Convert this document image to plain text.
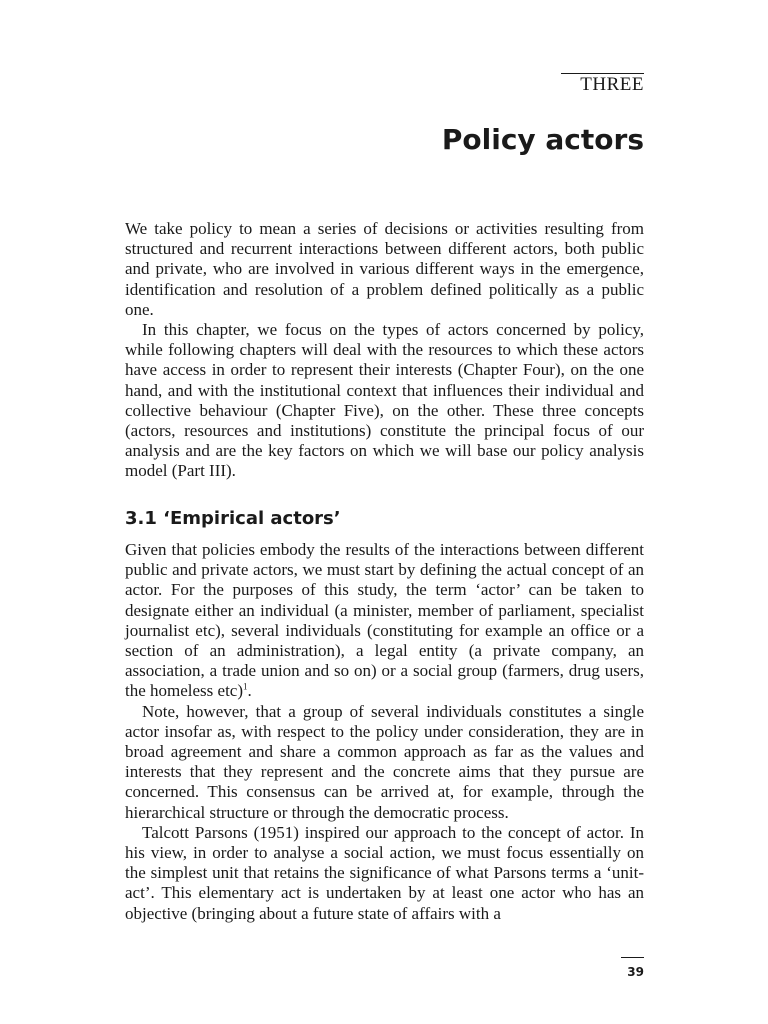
THREE
Policy actors

We take policy to mean a series of decisions or activities resulting from structured and recurrent interactions between different actors, both public and private, who are involved in various different ways in the emergence, identification and resolution of a problem defined politically as a public one.

In this chapter, we focus on the types of actors concerned by policy, while following chapters will deal with the resources to which these actors have access in order to represent their interests (Chapter Four), on the one hand, and with the institutional context that influences their individual and collective behaviour (Chapter Five), on the other. These three concepts (actors, resources and institutions) constitute the principal focus of our analysis and are the key factors on which we will base our policy analysis model (Part III).

3.1 ‘Empirical actors’

Given that policies embody the results of the interactions between different public and private actors, we must start by defining the actual concept of an actor. For the purposes of this study, the term ‘actor’ can be taken to designate either an individual (a minister, member of parliament, specialist journalist etc), several individuals (constituting for example an office or a section of an administration), a legal entity (a private company, an association, a trade union and so on) or a social group (farmers, drug users, the homeless etc)$^1$.

Note, however, that a group of several individuals constitutes a single actor insofar as, with respect to the policy under consideration, they are in broad agreement and share a common approach as far as the values and interests that they represent and the concrete aims that they pursue are concerned. This consensus can be arrived at, for example, through the hierarchical structure or through the democratic process.

Talcott Parsons (1951) inspired our approach to the concept of actor. In his view, in order to analyse a social action, we must focus essentially on the simplest unit that retains the significance of what Parsons terms a ‘unit-act’. This elementary act is undertaken by at least one actor who has an objective (bringing about a future state of affairs with a

39
